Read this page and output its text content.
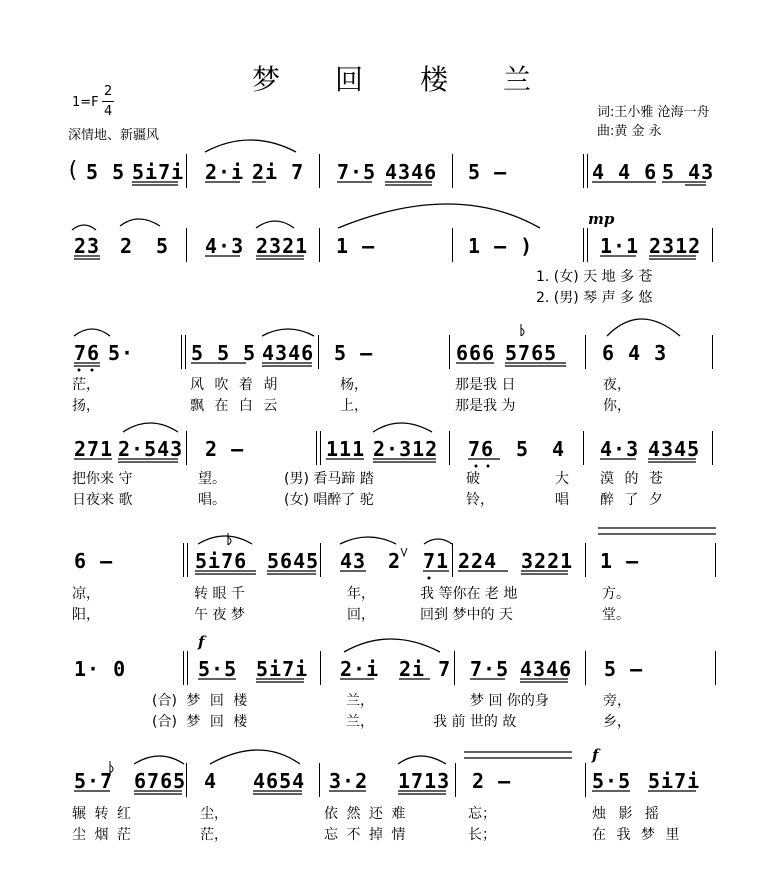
梦 回 楼 兰
1=F
2
4
深情地、新疆风
词:王小雅 沧海一舟
曲:黄 金 永
( 5 5 5i7i 2·i 2i 7 7·5 4346 5 –	4 4 6 5 43
23 2 5 4·3 2321 1 –	1 – )
mp
1·1 2312
1. (女) 天 地 多 苍
2. (男) 琴 声 多 悠
76 5·	5 5 5 4346 5 –	666 5765 6 4 3
茫，	风 吹 着 胡	杨，	那是我 日	夜，
扬，	飘 在 白 云	上，	那是我 为	你，
271 2·543 2 –	111 2·312 76 5 4 4·3 4345
把你来 守	望。	(男) 看马蹄 踏	破	大 漠 的 苍
日夜来 歌	唱。	(女) 唱醉了 驼	铃，	唱 醉 了 夕
6 –	5i76 5645 43 2 71 224 3221 1 –
凉，	转 眼 千	年，	我 等你在 老 地	方。
阳，	午 夜 梦	回，	回到 梦中的 天	堂。
1· 0
f
5·5 5i7i 2·i 2i 7 7·5 4346 5 –
(合) 梦 回 楼	兰，	梦 回 你的身	旁，
(合) 梦 回 楼	兰，	我 前 世的 故	乡，
5·7 6765 4 4654 3·2 1713 2 –
f
5·5 5i7i
辗 转 红	尘，	依 然 还 难	忘；	烛 影 摇
尘 烟 茫	茫，	忘 不 掉 情	长；	在 我 梦 里
